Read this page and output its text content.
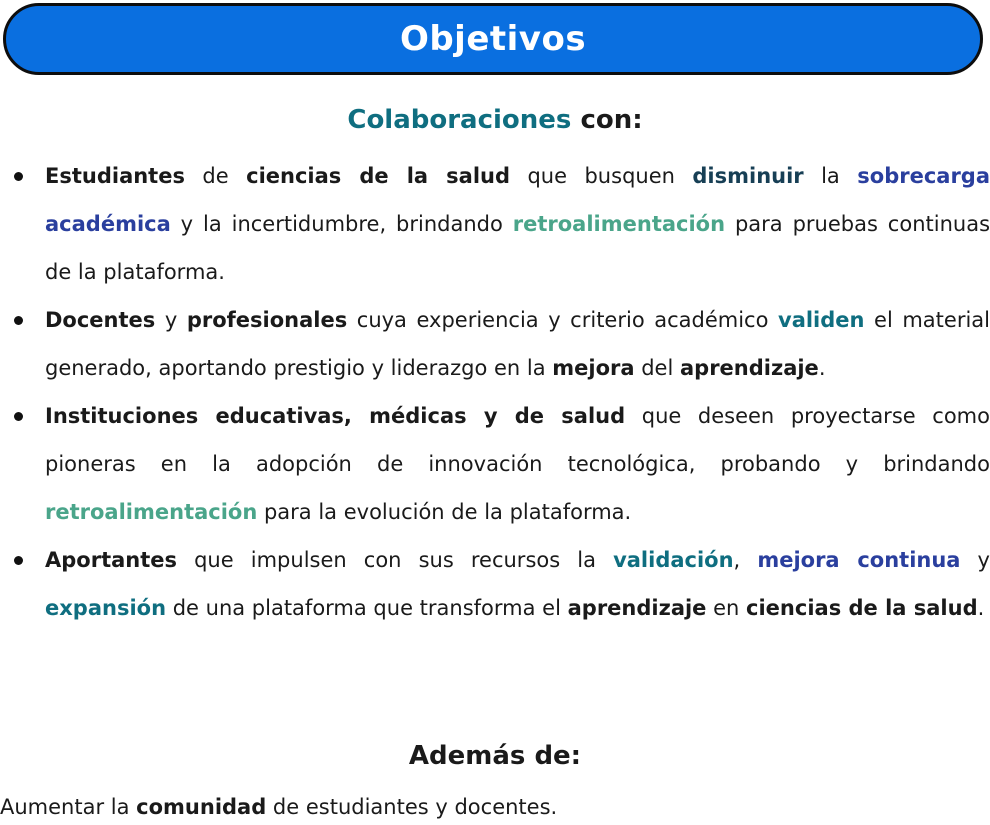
Objetivos
Colaboraciones con:
Estudiantes de ciencias de la salud que busquen disminuir la sobrecarga académica y la incertidumbre, brindando retroalimentación para pruebas continuas de la plataforma.
Docentes y profesionales cuya experiencia y criterio académico validen el material generado, aportando prestigio y liderazgo en la mejora del aprendizaje.
Instituciones educativas, médicas y de salud que deseen proyectarse como pioneras en la adopción de innovación tecnológica, probando y brindando retroalimentación para la evolución de la plataforma.
Aportantes que impulsen con sus recursos la validación, mejora continua y expansión de una plataforma que transforma el aprendizaje en ciencias de la salud.
Además de:
Aumentar la comunidad de estudiantes y docentes.
